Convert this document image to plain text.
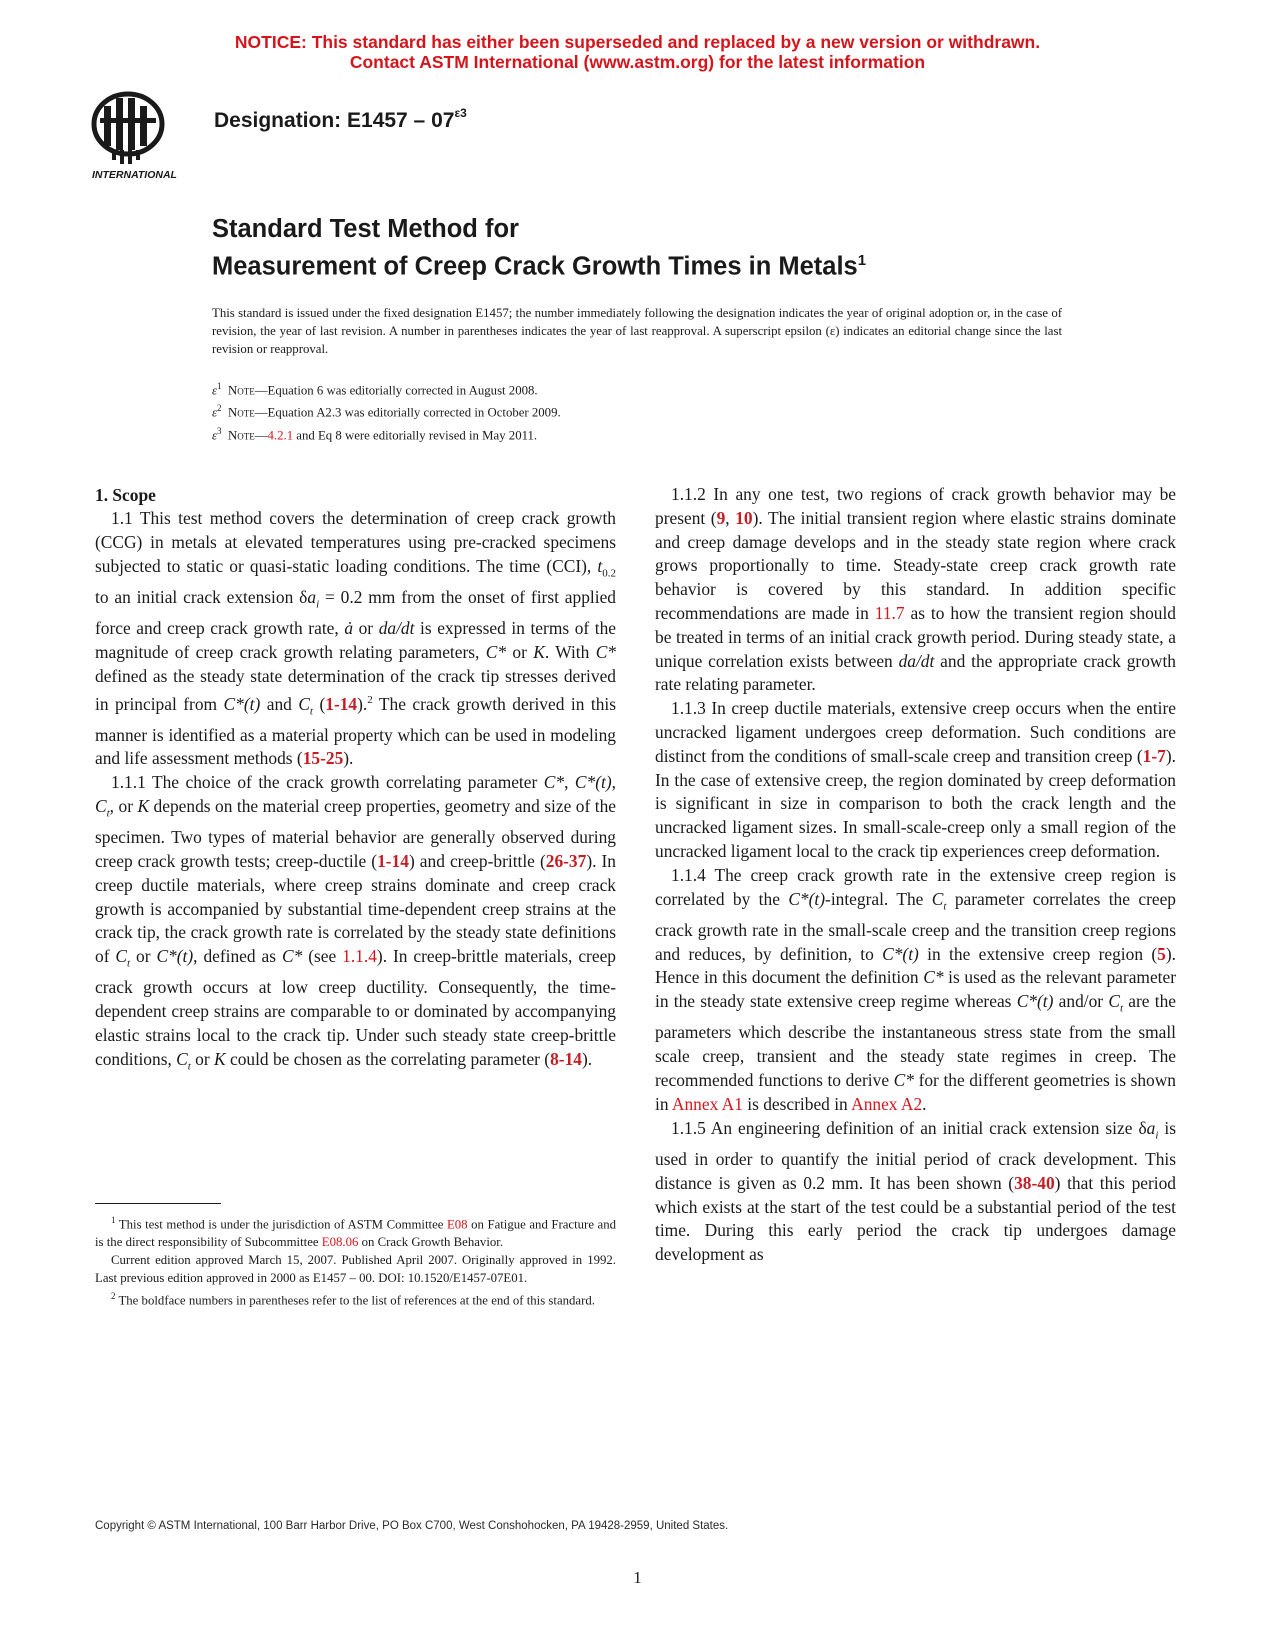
NOTICE: This standard has either been superseded and replaced by a new version or withdrawn.
Contact ASTM International (www.astm.org) for the latest information
INTERNATIONAL
Designation: $E1457 - 07^{\varepsilon 3}$
Standard Test Method for
Measurement of Creep Crack Growth Times in Metals$^1$
This standard is issued under the fixed designation E1457; the number immediately following the designation indicates the year of original adoption or, in the case of revision, the year of last revision. A number in parentheses indicates the year of last reapproval. A superscript epsilon (ε) indicates an editorial change since the last revision or reapproval.
$\varepsilon^1$ Note—Equation 6 was editorially corrected in August 2008.
$\varepsilon^2$ Note—Equation A2.3 was editorially corrected in October 2009.
$\varepsilon^3$ Note—4.2.1 and Eq 8 were editorially revised in May 2011.
1. Scope

1.1 This test method covers the determination of creep crack growth (CCG) in metals at elevated temperatures using pre-cracked specimens subjected to static or quasi-static loading conditions. The time (CCI), $t_{0.2}$ to an initial crack extension $\delta a_i = 0.2$ mm from the onset of first applied force and creep crack growth rate, ȧ or da/dt is expressed in terms of the magnitude of creep crack growth relating parameters, C* or K. With C* defined as the steady state determination of the crack tip stresses derived in principal from C*(t) and $C_t$ (1-14).$^2$ The crack growth derived in this manner is identified as a material property which can be used in modeling and life assessment methods (15-25).

1.1.1 The choice of the crack growth correlating parameter C*, C*(t), $C_t$, or K depends on the material creep properties, geometry and size of the specimen. Two types of material behavior are generally observed during creep crack growth tests; creep-ductile (1-14) and creep-brittle (26-37). In creep ductile materials, where creep strains dominate and creep crack growth is accompanied by substantial time-dependent creep strains at the crack tip, the crack growth rate is correlated by the steady state definitions of $C_t$ or C*(t), defined as C* (see 1.1.4). In creep-brittle materials, creep crack growth occurs at low creep ductility. Consequently, the time-dependent creep strains are comparable to or dominated by accompanying elastic strains local to the crack tip. Under such steady state creep-brittle conditions, $C_t$ or K could be chosen as the correlating parameter (8-14).

1.1.2 In any one test, two regions of crack growth behavior may be present (9, 10). The initial transient region where elastic strains dominate and creep damage develops and in the steady state region where crack grows proportionally to time. Steady-state creep crack growth rate behavior is covered by this standard. In addition specific recommendations are made in 11.7 as to how the transient region should be treated in terms of an initial crack growth period. During steady state, a unique correlation exists between da/dt and the appropriate crack growth rate relating parameter.

1.1.3 In creep ductile materials, extensive creep occurs when the entire uncracked ligament undergoes creep deformation. Such conditions are distinct from the conditions of small-scale creep and transition creep (1-7). In the case of extensive creep, the region dominated by creep deformation is significant in size in comparison to both the crack length and the uncracked ligament sizes. In small-scale-creep only a small region of the uncracked ligament local to the crack tip experiences creep deformation.

1.1.4 The creep crack growth rate in the extensive creep region is correlated by the C*(t)-integral. The $C_t$ parameter correlates the creep crack growth rate in the small-scale creep and the transition creep regions and reduces, by definition, to C*(t) in the extensive creep region (5). Hence in this document the definition C* is used as the relevant parameter in the steady state extensive creep regime whereas C*(t) and/or $C_t$ are the parameters which describe the instantaneous stress state from the small scale creep, transient and the steady state regimes in creep. The recommended functions to derive C* for the different geometries is shown in Annex A1 is described in Annex A2.

1.1.5 An engineering definition of an initial crack extension size $\delta a_i$ is used in order to quantify the initial period of crack development. This distance is given as 0.2 mm. It has been shown (38-40) that this period which exists at the start of the test could be a substantial period of the test time. During this early period the crack tip undergoes damage development as

$^1$ This test method is under the jurisdiction of ASTM Committee E08 on Fatigue and Fracture and is the direct responsibility of Subcommittee E08.06 on Crack Growth Behavior.

Current edition approved March 15, 2007. Published April 2007. Originally approved in 1992. Last previous edition approved in 2000 as E1457 – 00. DOI: 10.1520/E1457-07E01.

$^2$ The boldface numbers in parentheses refer to the list of references at the end of this standard.

Copyright © ASTM International, 100 Barr Harbor Drive, PO Box C700, West Conshohocken, PA 19428-2959, United States.
1
